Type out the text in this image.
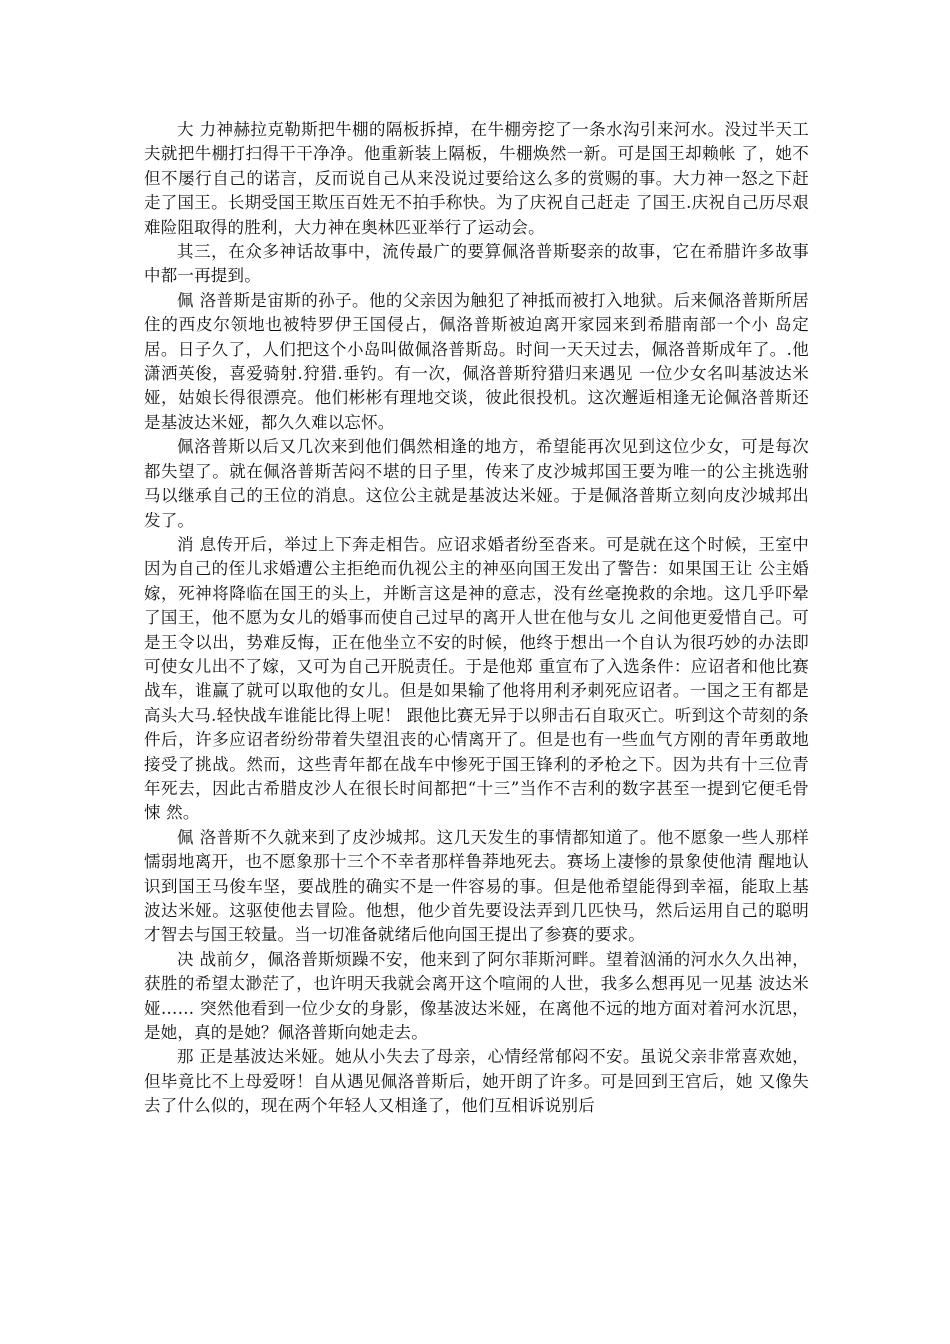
大 力神赫拉克勒斯把牛棚的隔板拆掉，在牛棚旁挖了一条水沟引来河水。没过半天工夫就把牛棚打扫得干干净净。他重新装上隔板，牛棚焕然一新。可是国王却赖帐 了，她不但不屡行自己的诺言，反而说自己从来没说过要给这么多的赏赐的事。大力神一怒之下赶走了国王。长期受国王欺压百姓无不拍手称快。为了庆祝自己赶走 了国王.庆祝自己历尽艰难险阻取得的胜利，大力神在奥林匹亚举行了运动会。

其三，在众多神话故事中，流传最广的要算佩洛普斯娶亲的故事，它在希腊许多故事中都一再提到。

佩 洛普斯是宙斯的孙子。他的父亲因为触犯了神抵而被打入地狱。后来佩洛普斯所居住的西皮尔领地也被特罗伊王国侵占，佩洛普斯被迫离开家园来到希腊南部一个小 岛定居。日子久了，人们把这个小岛叫做佩洛普斯岛。时间一天天过去，佩洛普斯成年了。.他潇洒英俊，喜爱骑射.狩猎.垂钓。有一次，佩洛普斯狩猎归来遇见 一位少女名叫基波达米娅，姑娘长得很漂亮。他们彬彬有理地交谈，彼此很投机。这次邂逅相逢无论佩洛普斯还是基波达米娅，都久久难以忘怀。

佩洛普斯以后又几次来到他们偶然相逢的地方，希望能再次见到这位少女，可是每次都失望了。就在佩洛普斯苦闷不堪的日子里，传来了皮沙城邦国王要为唯一的公主挑选驸马以继承自己的王位的消息。这位公主就是基波达米娅。于是佩洛普斯立刻向皮沙城邦出发了。

消 息传开后，举过上下奔走相告。应诏求婚者纷至沓来。可是就在这个时候，王室中因为自己的侄儿求婚遭公主拒绝而仇视公主的神巫向国王发出了警告：如果国王让 公主婚嫁，死神将降临在国王的头上，并断言这是神的意志，没有丝毫挽救的余地。这几乎吓晕了国王，他不愿为女儿的婚事而使自己过早的离开人世在他与女儿 之间他更爱惜自己。可是王令以出，势难反悔，正在他坐立不安的时候，他终于想出一个自认为很巧妙的办法即可使女儿出不了嫁，又可为自己开脱责任。于是他郑 重宣布了入选条件：应诏者和他比赛战车，谁赢了就可以取他的女儿。但是如果输了他将用利矛刺死应诏者。一国之王有都是高头大马.轻快战车谁能比得上呢！ 跟他比赛无异于以卵击石自取灭亡。听到这个苛刻的条件后，许多应诏者纷纷带着失望沮丧的心情离开了。但是也有一些血气方刚的青年勇敢地接受了挑战。然而，这些青年都在战车中惨死于国王锋利的矛枪之下。因为共有十三位青年死去，因此古希腊皮沙人在很长时间都把“十三”当作不吉利的数字甚至一提到它便毛骨悚 然。

佩 洛普斯不久就来到了皮沙城邦。这几天发生的事情都知道了。他不愿象一些人那样懦弱地离开，也不愿象那十三个不幸者那样鲁莽地死去。赛场上凄惨的景象使他清 醒地认识到国王马俊车坚，要战胜的确实不是一件容易的事。但是他希望能得到幸福，能取上基波达米娅。这驱使他去冒险。他想，他少首先要设法弄到几匹快马，然后运用自己的聪明才智去与国王较量。当一切准备就绪后他向国王提出了参赛的要求。

决 战前夕，佩洛普斯烦躁不安，他来到了阿尔菲斯河畔。望着汹涌的河水久久出神，获胜的希望太渺茫了，也许明天我就会离开这个喧闹的人世，我多么想再见一见基 波达米娅…… 突然他看到一位少女的身影，像基波达米娅，在离他不远的地方面对着河水沉思，是她，真的是她？佩洛普斯向她走去。

那 正是基波达米娅。她从小失去了母亲，心情经常郁闷不安。虽说父亲非常喜欢她，但毕竟比不上母爱呀！自从遇见佩洛普斯后，她开朗了许多。可是回到王宫后，她 又像失去了什么似的，现在两个年轻人又相逢了，他们互相诉说别后
